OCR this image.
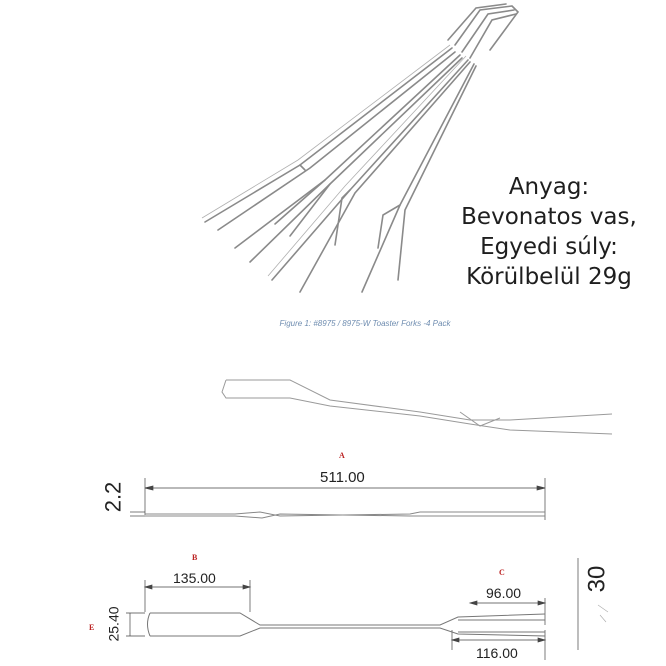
Anyag:
Bevonatos vas,
Egyedi súly:
Körülbelül 29g
Figure 1: #8975 / 8975-W Toaster Forks -4 Pack
A
B
C
E
511.00
135.00
96.00
116.00
2.2
25.40
30
